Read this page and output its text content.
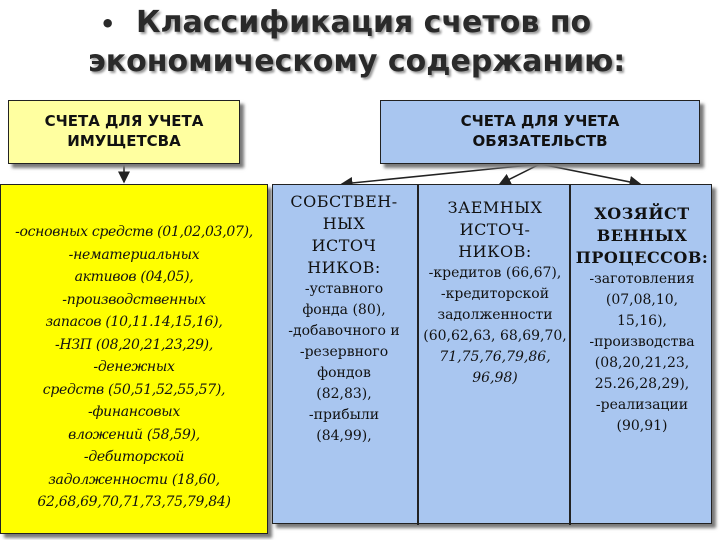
• Классификация счетов по
экономическому содержанию:
СЧЕТА ДЛЯ УЧЕТА
ИМУЩЕТСВА
СЧЕТА ДЛЯ УЧЕТА
ОБЯЗАТЕЛЬСТВ
-основных средств (01,02,03,07),
-нематериальных
активов (04,05),
-производственных
запасов (10,11.14,15,16),
-НЗП (08,20,21,23,29),
-денежных
средств (50,51,52,55,57),
-финансовых
вложений (58,59),
-дебиторской
задолженности (18,60,
62,68,69,70,71,73,75,79,84)
СОБСТВЕН-
НЫХ
ИСТОЧ
НИКОВ:
-уставного
фонда (80),
-добавочного и
-резервного
фондов
(82,83),
-прибыли
(84,99),
ЗАЕМНЫХ
ИСТОЧ-
НИКОВ:
-кредитов (66,67),
-кредиторской
задолженности
(60,62,63, 68,69,70,
71,75,76,79,86,
96,98)
ХОЗЯЙСТ
ВЕННЫХ
ПРОЦЕССОВ:
-заготовления
(07,08,10,
15,16),
-производства
(08,20,21,23,
25.26,28,29),
-реализации
(90,91)
